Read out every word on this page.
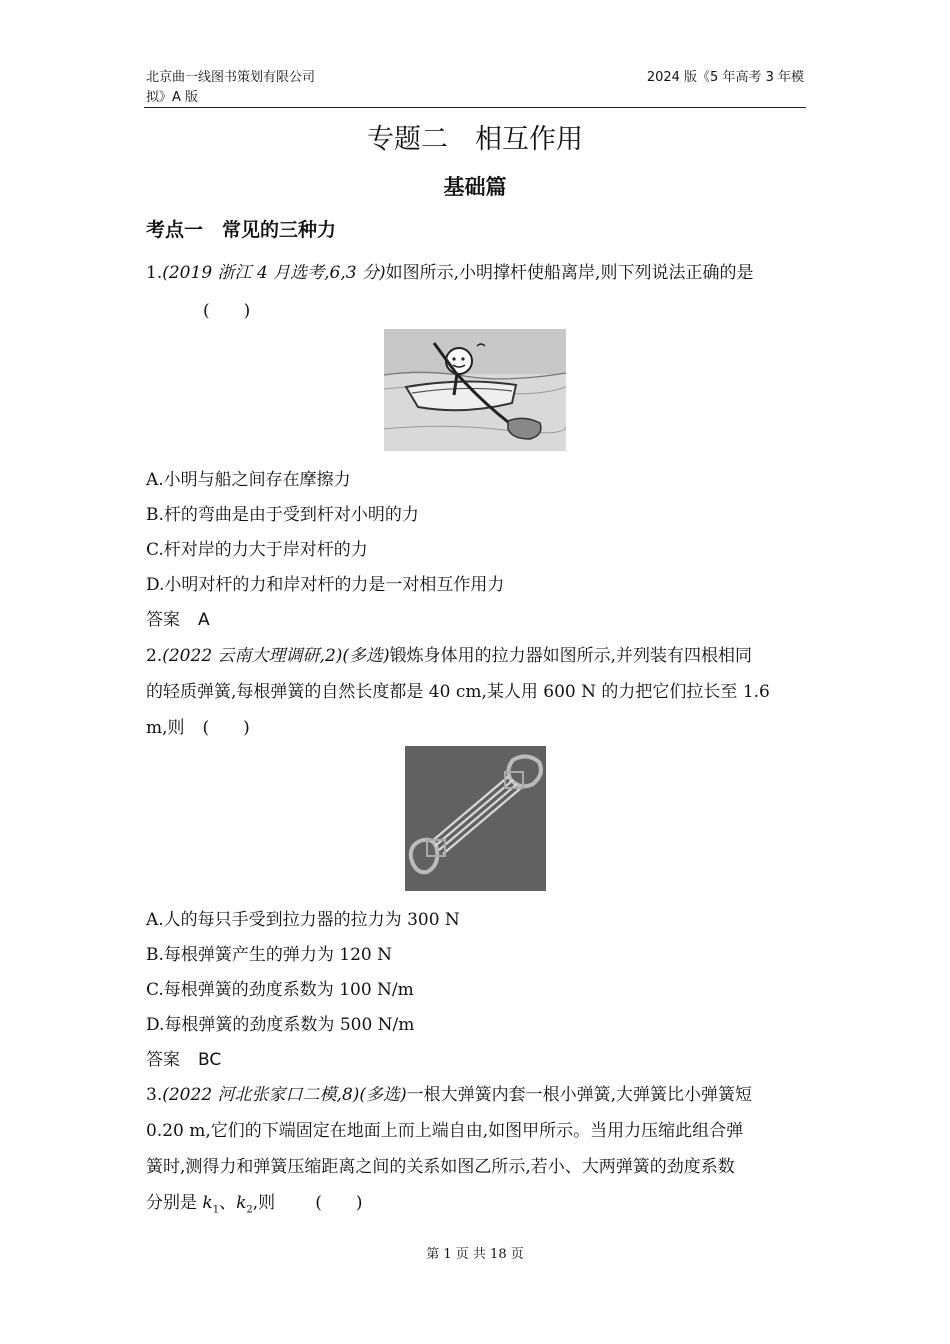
北京曲一线图书策划有限公司
拟》A 版
2024 版《5 年高考 3 年模
专题二　相互作用
基础篇
考点一　常见的三种力
1.(2019 浙江 4 月选考,6,3 分)如图所示,小明撑杆使船离岸,则下列说法正确的是
(　　)
A.小明与船之间存在摩擦力
B.杆的弯曲是由于受到杆对小明的力
C.杆对岸的力大于岸对杆的力
D.小明对杆的力和岸对杆的力是一对相互作用力
答案 A
2.(2022 云南大理调研,2)(多选)锻炼身体用的拉力器如图所示,并列装有四根相同
的轻质弹簧,每根弹簧的自然长度都是 40 cm,某人用 600 N 的力把它们拉长至 1.6
m,则 (　　)
A.人的每只手受到拉力器的拉力为 300 N
B.每根弹簧产生的弹力为 120 N
C.每根弹簧的劲度系数为 100 N/m
D.每根弹簧的劲度系数为 500 N/m
答案 BC
3.(2022 河北张家口二模,8)(多选)一根大弹簧内套一根小弹簧,大弹簧比小弹簧短
0.20 m,它们的下端固定在地面上而上端自由,如图甲所示。当用力压缩此组合弹
簧时,测得力和弹簧压缩距离之间的关系如图乙所示,若小、大两弹簧的劲度系数
分别是 $k_1$、$k_2$,则 (　　)
第 1 页 共 18 页
